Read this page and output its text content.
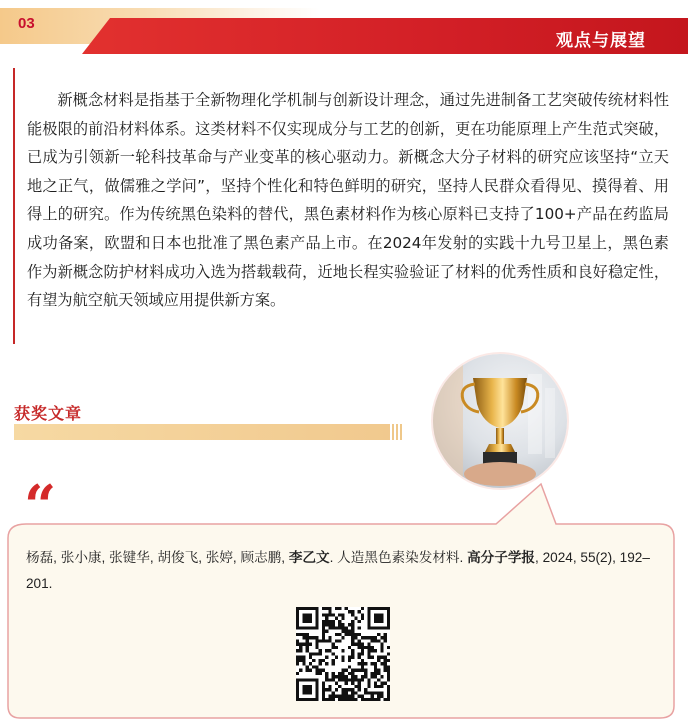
03
观点与展望

新概念材料是指基于全新物理化学机制与创新设计理念，通过先进制备工艺突破传统材料性能极限的前沿材料体系。这类材料不仅实现成分与工艺的创新，更在功能原理上产生范式突破，已成为引领新一轮科技革命与产业变革的核心驱动力。新概念大分子材料的研究应该坚持“立天地之正气，做儒雅之学问”，坚持个性化和特色鲜明的研究，坚持人民群众看得见、摸得着、用得上的研究。作为传统黑色染料的替代，黑色素材料作为核心原料已支持了100+产品在药监局成功备案，欧盟和日本也批准了黑色素产品上市。在2024年发射的实践十九号卫星上，黑色素作为新概念防护材料成功入选为搭载载荷，近地长程实验验证了材料的优秀性质和良好稳定性，有望为航空航天领域应用提供新方案。

获奖文章
“
杨磊, 张小康, 张键华, 胡俊飞, 张婷, 顾志鹏, 李乙文. 人造黑色素染发材料. 高分子学报, 2024, 55(2), 192–201.
